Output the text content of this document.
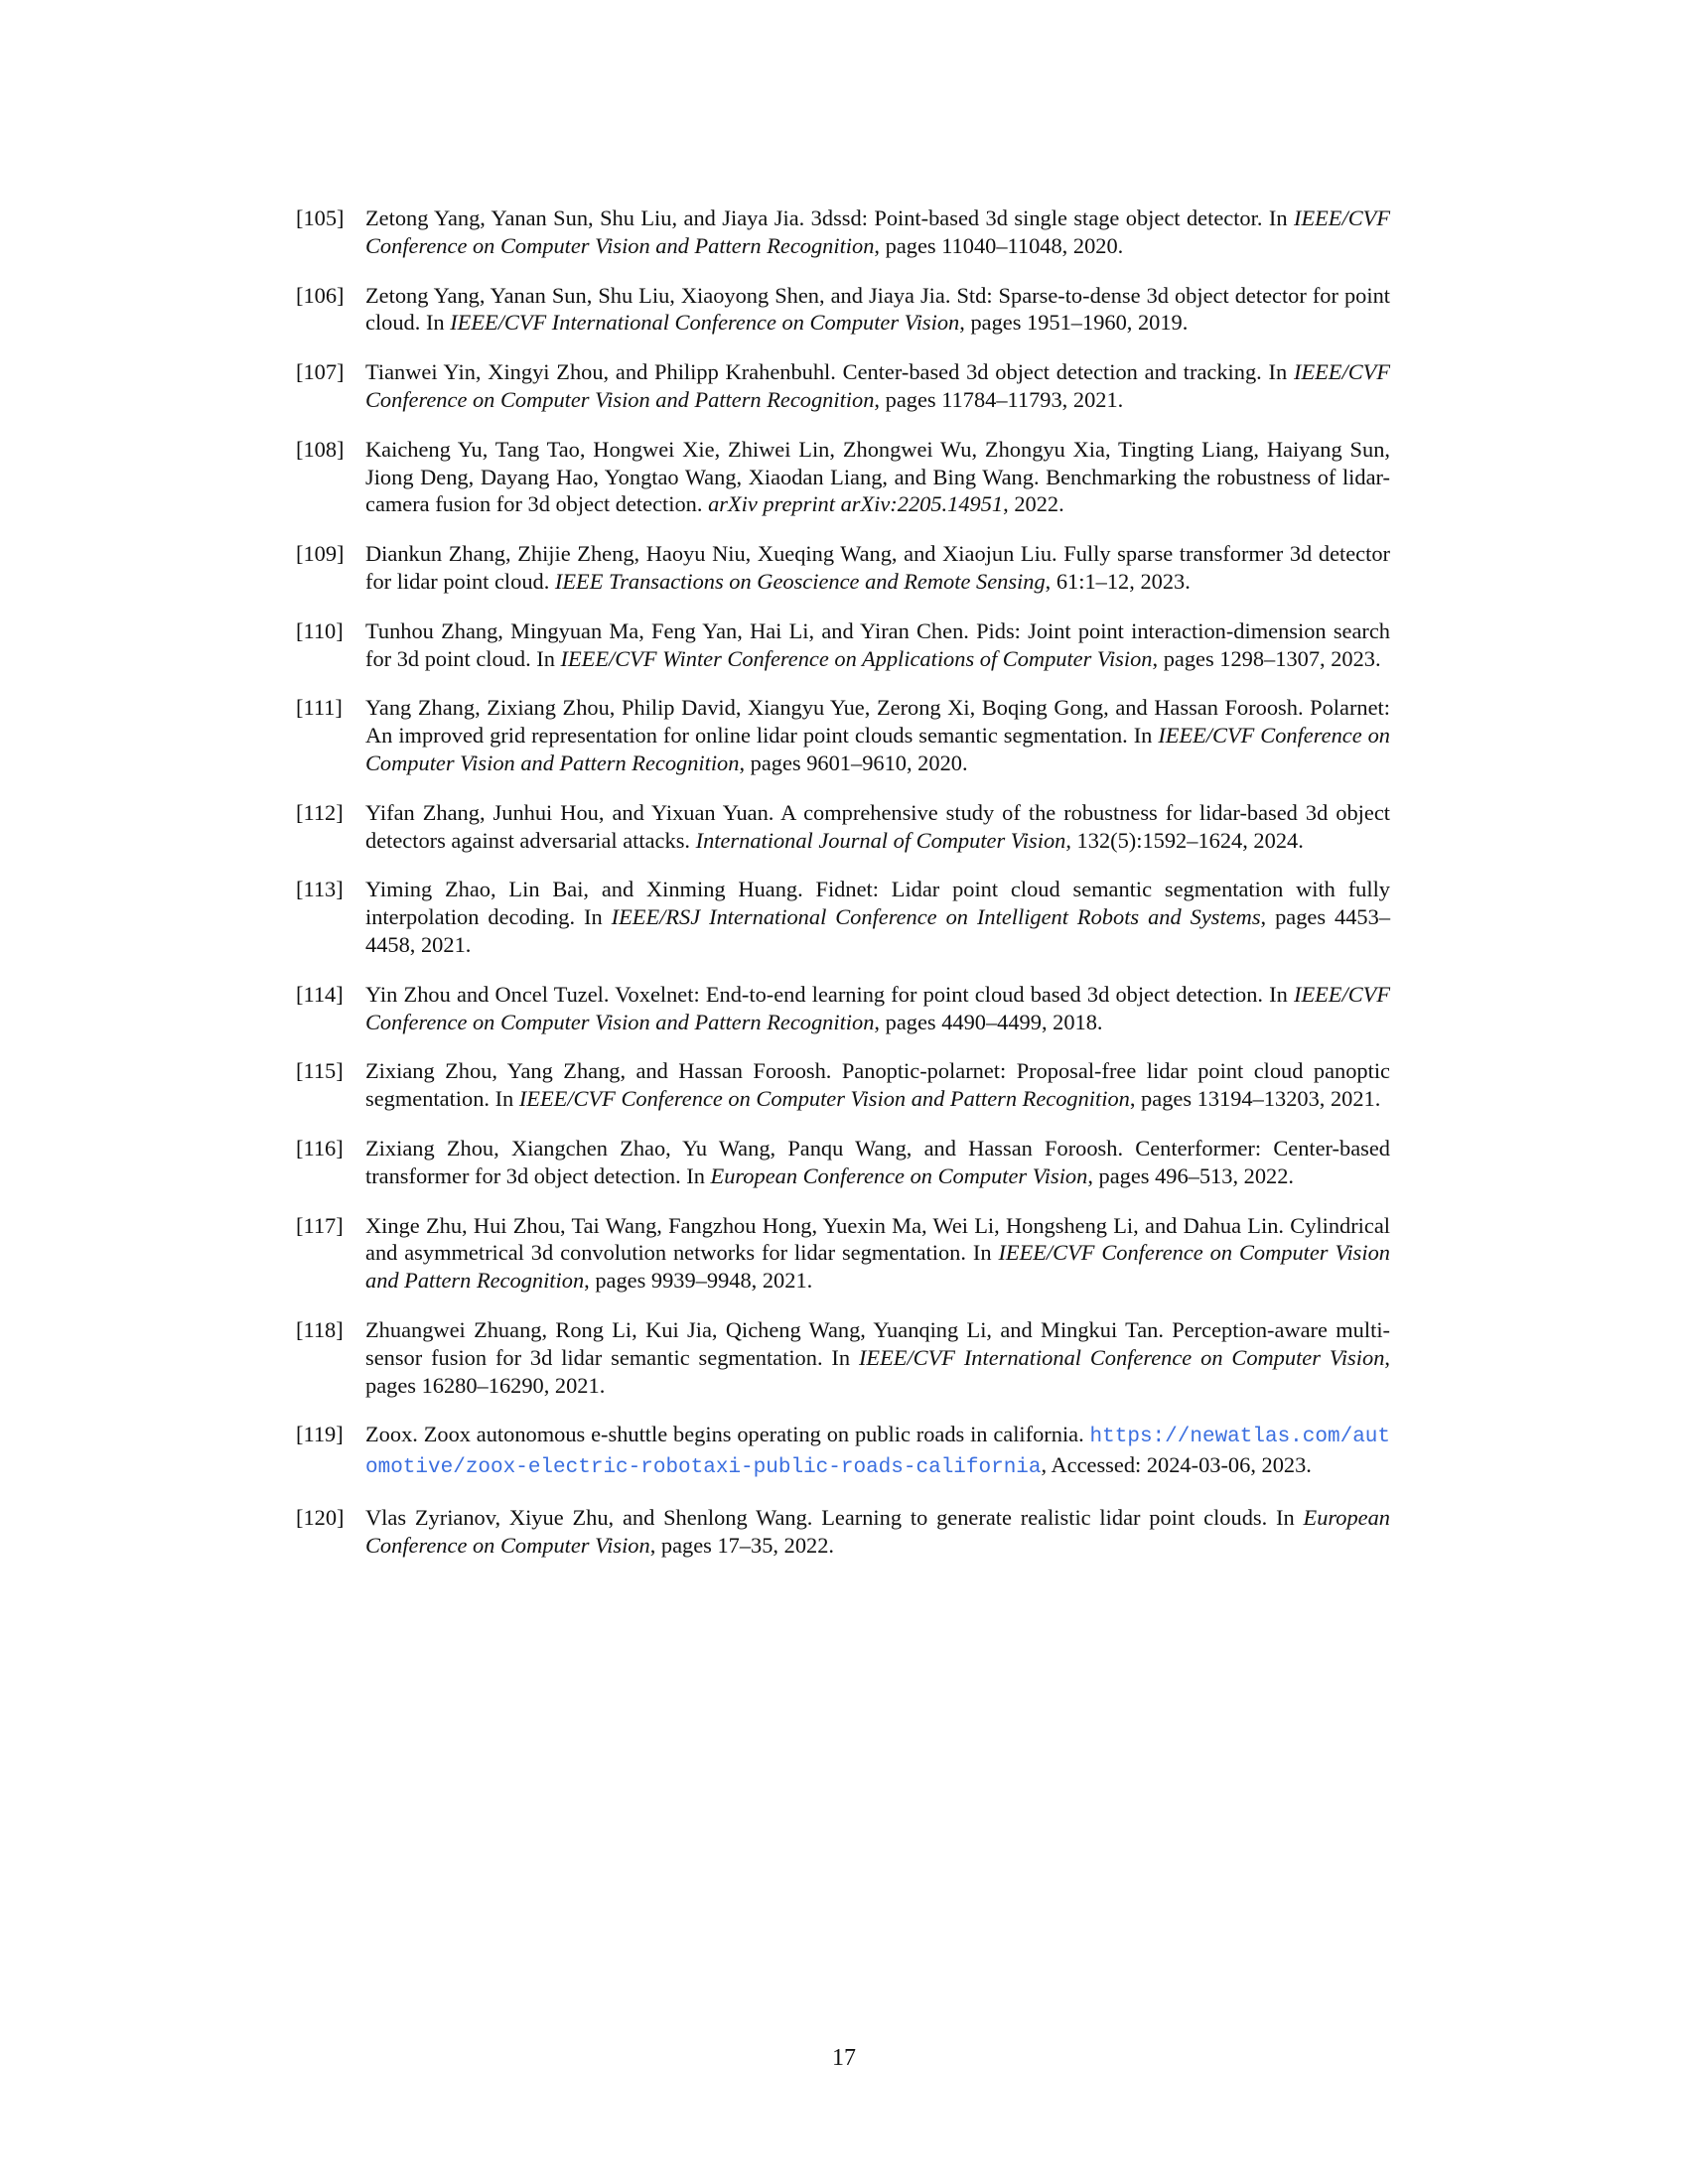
[105] Zetong Yang, Yanan Sun, Shu Liu, and Jiaya Jia. 3dssd: Point-based 3d single stage object detector. In IEEE/CVF Conference on Computer Vision and Pattern Recognition, pages 11040–11048, 2020.
[106] Zetong Yang, Yanan Sun, Shu Liu, Xiaoyong Shen, and Jiaya Jia. Std: Sparse-to-dense 3d object detector for point cloud. In IEEE/CVF International Conference on Computer Vision, pages 1951–1960, 2019.
[107] Tianwei Yin, Xingyi Zhou, and Philipp Krahenbuhl. Center-based 3d object detection and tracking. In IEEE/CVF Conference on Computer Vision and Pattern Recognition, pages 11784–11793, 2021.
[108] Kaicheng Yu, Tang Tao, Hongwei Xie, Zhiwei Lin, Zhongwei Wu, Zhongyu Xia, Tingting Liang, Haiyang Sun, Jiong Deng, Dayang Hao, Yongtao Wang, Xiaodan Liang, and Bing Wang. Benchmarking the robustness of lidar-camera fusion for 3d object detection. arXiv preprint arXiv:2205.14951, 2022.
[109] Diankun Zhang, Zhijie Zheng, Haoyu Niu, Xueqing Wang, and Xiaojun Liu. Fully sparse transformer 3d detector for lidar point cloud. IEEE Transactions on Geoscience and Remote Sensing, 61:1–12, 2023.
[110] Tunhou Zhang, Mingyuan Ma, Feng Yan, Hai Li, and Yiran Chen. Pids: Joint point interaction-dimension search for 3d point cloud. In IEEE/CVF Winter Conference on Applications of Computer Vision, pages 1298–1307, 2023.
[111]	Yang Zhang, Zixiang Zhou, Philip David, Xiangyu Yue, Zerong Xi, Boqing Gong, and Hassan Foroosh. Polarnet: An improved grid representation for online lidar point clouds semantic segmentation. In IEEE/CVF Conference on Computer Vision and Pattern Recognition, pages 9601–9610, 2020.
[112] Yifan Zhang, Junhui Hou, and Yixuan Yuan. A comprehensive study of the robustness for lidar-based 3d object detectors against adversarial attacks. International Journal of Computer Vision, 132(5):1592–1624, 2024.
[113] Yiming Zhao, Lin Bai, and Xinming Huang. Fidnet: Lidar point cloud semantic segmentation with fully interpolation decoding. In IEEE/RSJ International Conference on Intelligent Robots and Systems, pages 4453–4458, 2021.
[114] Yin Zhou and Oncel Tuzel. Voxelnet: End-to-end learning for point cloud based 3d object detection. In IEEE/CVF Conference on Computer Vision and Pattern Recognition, pages 4490–4499, 2018.
[115] Zixiang Zhou, Yang Zhang, and Hassan Foroosh. Panoptic-polarnet: Proposal-free lidar point cloud panoptic segmentation. In IEEE/CVF Conference on Computer Vision and Pattern Recognition, pages 13194–13203, 2021.
[116] Zixiang Zhou, Xiangchen Zhao, Yu Wang, Panqu Wang, and Hassan Foroosh. Centerformer: Center-based transformer for 3d object detection. In European Conference on Computer Vision, pages 496–513, 2022.
[117] Xinge Zhu, Hui Zhou, Tai Wang, Fangzhou Hong, Yuexin Ma, Wei Li, Hongsheng Li, and Dahua Lin. Cylindrical and asymmetrical 3d convolution networks for lidar segmentation. In IEEE/CVF Conference on Computer Vision and Pattern Recognition, pages 9939–9948, 2021.
[118] Zhuangwei Zhuang, Rong Li, Kui Jia, Qicheng Wang, Yuanqing Li, and Mingkui Tan. Perception-aware multi-sensor fusion for 3d lidar semantic segmentation. In IEEE/CVF International Conference on Computer Vision, pages 16280–16290, 2021.
[119] Zoox. Zoox autonomous e-shuttle begins operating on public roads in california. https://newatlas.com/automotive/zoox-electric-robotaxi-public-roads-california, Accessed: 2024-03-06, 2023.
[120] Vlas Zyrianov, Xiyue Zhu, and Shenlong Wang. Learning to generate realistic lidar point clouds. In European Conference on Computer Vision, pages 17–35, 2022.
17
